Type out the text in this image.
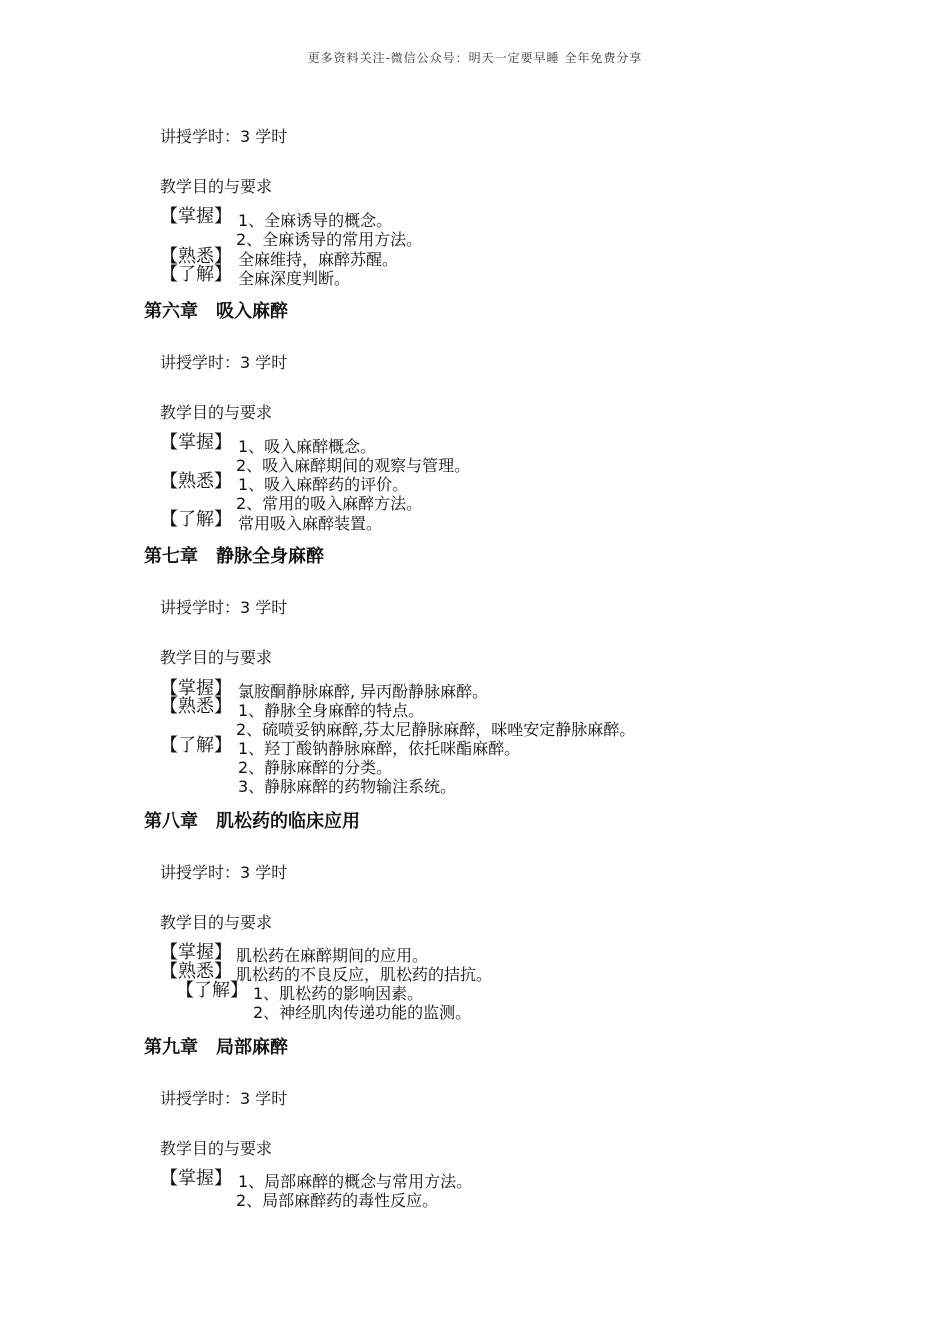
更多资料关注-微信公众号：明天一定要早睡 全年免费分享
讲授学时：3 学时
教学目的与要求
【掌握】 1、全麻诱导的概念。
2、全麻诱导的常用方法。
【熟悉】 全麻维持，麻醉苏醒。
【了解】 全麻深度判断。
第六章　吸入麻醉
讲授学时：3 学时
教学目的与要求
【掌握】 1、吸入麻醉概念。
2、吸入麻醉期间的观察与管理。
【熟悉】 1、吸入麻醉药的评价。
2、常用的吸入麻醉方法。
【了解】 常用吸入麻醉装置。
第七章　静脉全身麻醉
讲授学时：3 学时
教学目的与要求
【掌握】 氯胺酮静脉麻醉, 异丙酚静脉麻醉。
【熟悉】 1、静脉全身麻醉的特点。
2、硫喷妥钠麻醉,芬太尼静脉麻醉，咪唑安定静脉麻醉。
【了解】 1、羟丁酸钠静脉麻醉，依托咪酯麻醉。
2、静脉麻醉的分类。
3、静脉麻醉的药物输注系统。
第八章　肌松药的临床应用
讲授学时：3 学时
教学目的与要求
【掌握】 肌松药在麻醉期间的应用。
【熟悉】 肌松药的不良反应，肌松药的拮抗。
【了解】 1、肌松药的影响因素。
2、神经肌肉传递功能的监测。
第九章　局部麻醉
讲授学时：3 学时
教学目的与要求
【掌握】 1、局部麻醉的概念与常用方法。
2、局部麻醉药的毒性反应。
